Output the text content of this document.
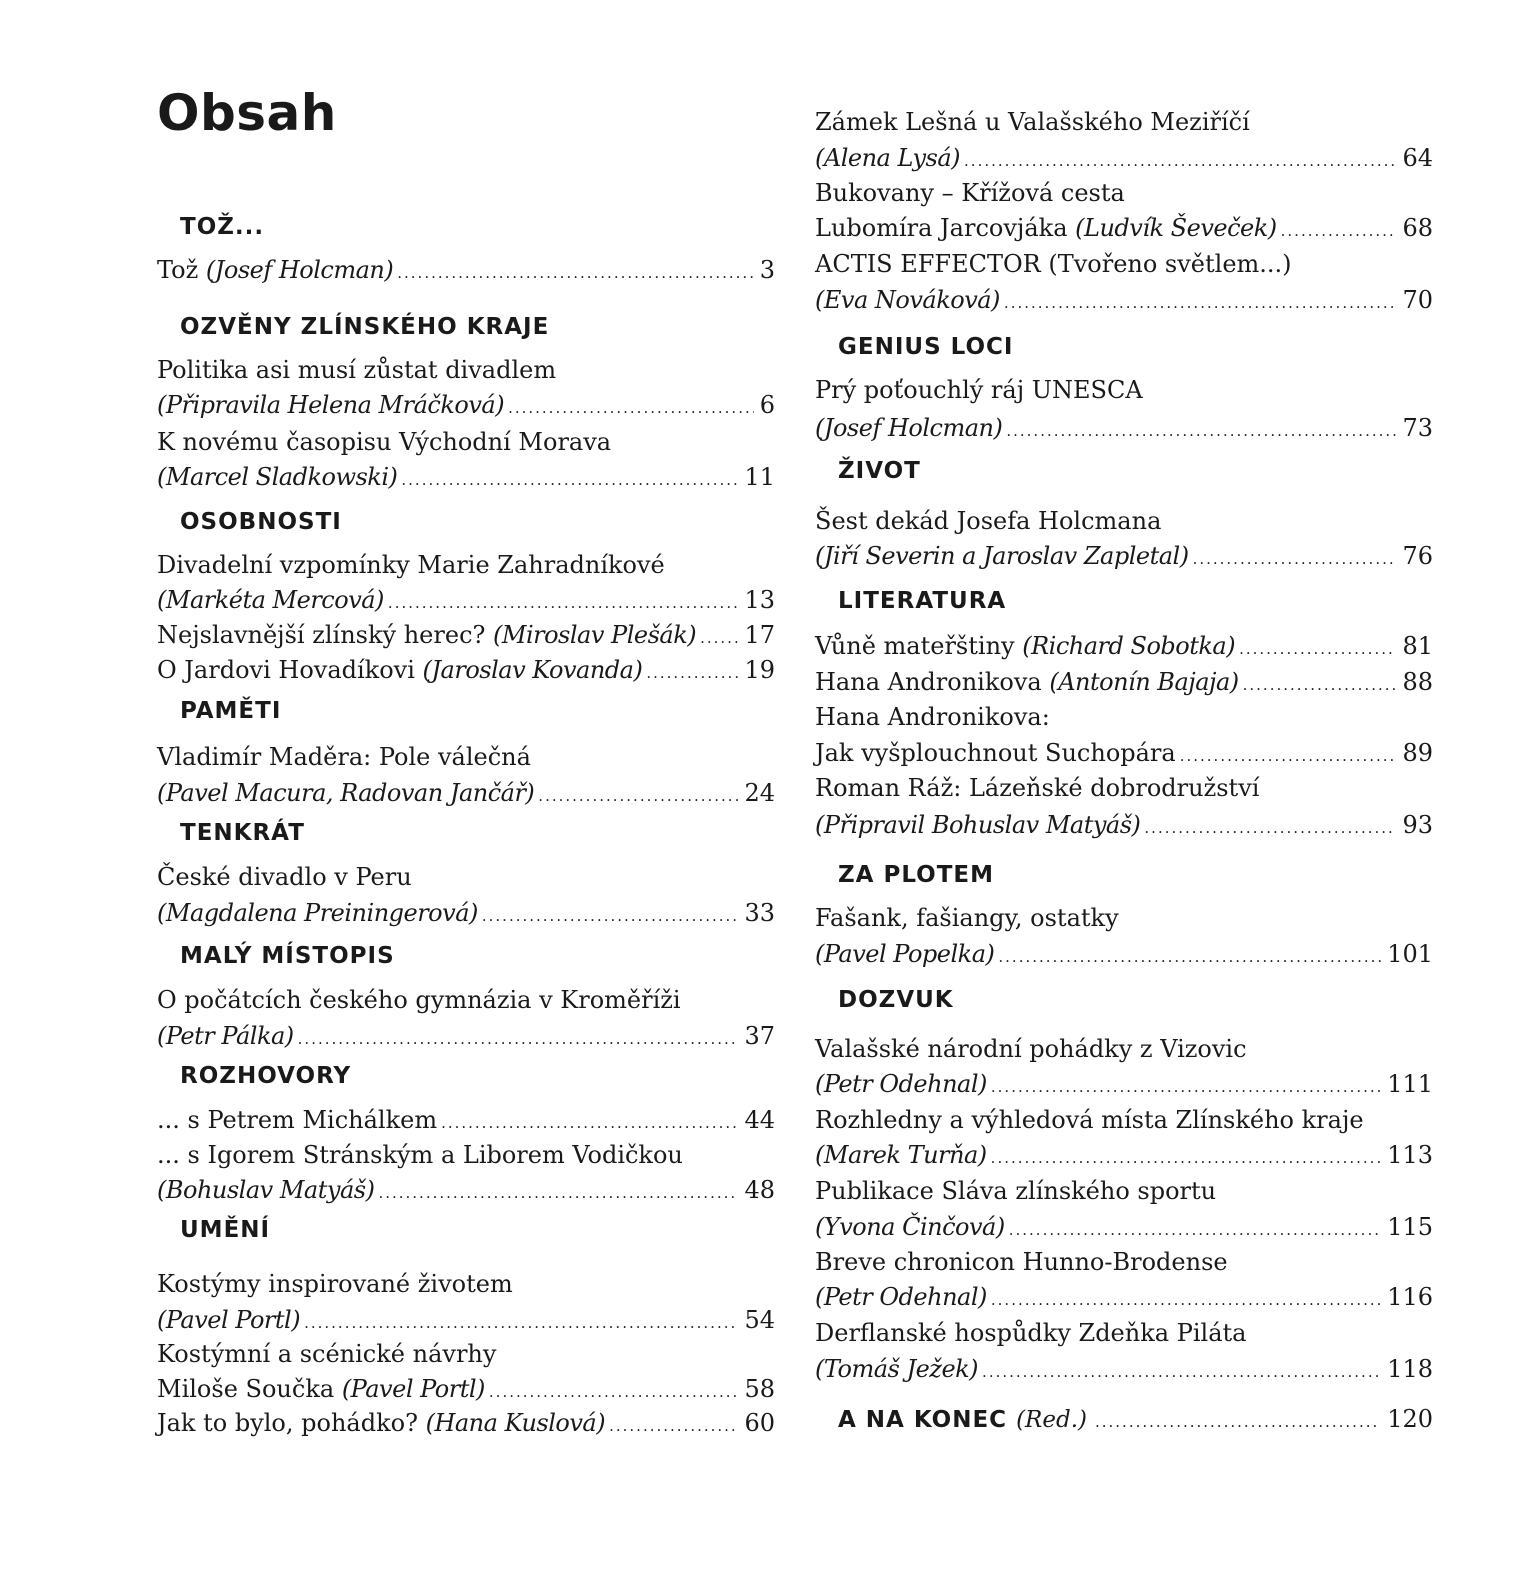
Obsah
TOŽ...
Tož
(Josef Holcman) .....	3
OZVĚNY ZLÍNSKÉHO KRAJE
Politika asi musí zůstat divadlem
(Připravila Helena Mráčková) .....	6
K novému časopisu Východní Morava
(Marcel Sladkowski) .....	11
OSOBNOSTI
Divadelní vzpomínky Marie Zahradníkové
(Markéta Mercová) .....	13
Nejslavnější zlínský herec?
(Miroslav Plešák) ..... 17
O Jardovi Hovadíkovi
(Jaroslav Kovanda) .....	19
PAMĚTI
Vladimír Maděra: Pole válečná
(Pavel Macura, Radovan Jančář) .....	24
TENKRÁT
České divadlo v Peru
(Magdalena Preiningerová) .....	33
MALÝ MÍSTOPIS
O počátcích českého gymnázia v Kroměříži
(Petr Pálka) .....	37
ROZHOVORY
... s Petrem Michálkem .....	44
... s Igorem Stránským a Liborem Vodičkou
(Bohuslav Matyáš) .....	48
UMĚNÍ
Kostýmy inspirované životem
(Pavel Portl) .....	54
Kostýmní a scénické návrhy
Miloše Součka
(Pavel Portl) .....	58
Jak to bylo, pohádko?
(Hana Kuslová) .....	60
Zámek Lešná u Valašského Meziříčí
(Alena Lysá) .....	64
Bukovany – Křížová cesta
Lubomíra Jarcovjáka
(Ludvík Ševeček) .....	68
ACTIS EFFECTOR (Tvořeno světlem...)
(Eva Nováková) .....	70
GENIUS LOCI
Prý poťouchlý ráj UNESCA
(Josef Holcman) .....	73
ŽIVOT
Šest dekád Josefa Holcmana
(Jiří Severin a Jaroslav Zapletal) .....	76
LITERATURA
Vůně mateřštiny
(Richard Sobotka) .....	81
Hana Andronikova
(Antonín Bajaja) .....	88
Hana Andronikova:
Jak vyšplouchnout Suchopára .....	89
Roman Ráž: Lázeňské dobrodružství
(Připravil Bohuslav Matyáš) .....	93
ZA PLOTEM
Fašank, fašiangy, ostatky
(Pavel Popelka) .....	101
DOZVUK
Valašské národní pohádky z Vizovic
(Petr Odehnal) .....	111
Rozhledny a výhledová místa Zlínského kraje
(Marek Turňa) .....	113
Publikace Sláva zlínského sportu
(Yvona Činčová) .....	115
Breve chronicon Hunno-Brodense
(Petr Odehnal) .....	116
Derflanské hospůdky Zdeňka Piláta
(Tomáš Ježek) .....	118
A NA KONEC
(Red.) .....	120
